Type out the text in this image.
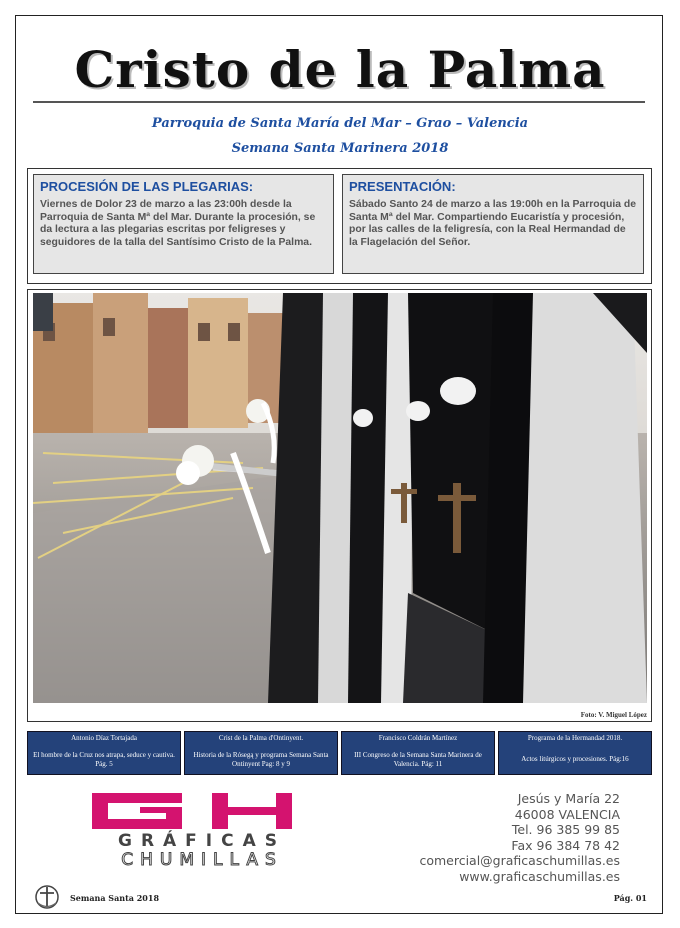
Cristo de la Palma
Parroquia de Santa María del Mar – Grao – Valencia
Semana Santa Marinera 2018
PROCESIÓN DE LAS PLEGARIAS:
Viernes de Dolor 23 de marzo a las 23:00h desde la Parroquia de Santa Mª del Mar. Durante la procesión, se da lectura a las plegarias escritas por feligreses y seguidores de la talla del Santísimo Cristo de la Palma.
PRESENTACIÓN:
Sábado Santo 24 de marzo a las 19:00h en la Parroquia de Santa Mª del Mar. Compartiendo Eucaristía y procesión, por las calles de la feligresía, con la Real Hermandad de la Flagelación del Señor.
Foto: V. Miguel López
Antonio Díaz Tortajada
El hombre de la Cruz nos atrapa, seduce y cautiva. Pág. 5
Crist de la Palma d'Ontinyent.
Historia de la Rósegą y programa Semana Santa Ontinyent Pag: 8 y 9
Francisco Coldrán Martínez
III Congreso de la Semana Santa Marinera de Valencia. Pág: 11
Programa de la Hermandad 2018.
Actos litúrgicos y procesiones. Pág:16
GRÁFICAS
CHUMILLAS
Jesús y María 22
46008 VALENCIA
Tel. 96 385 99 85
Fax 96 384 78 42
comercial@graficaschumillas.es
www.graficaschumillas.es
Semana Santa 2018	Pág. 01
